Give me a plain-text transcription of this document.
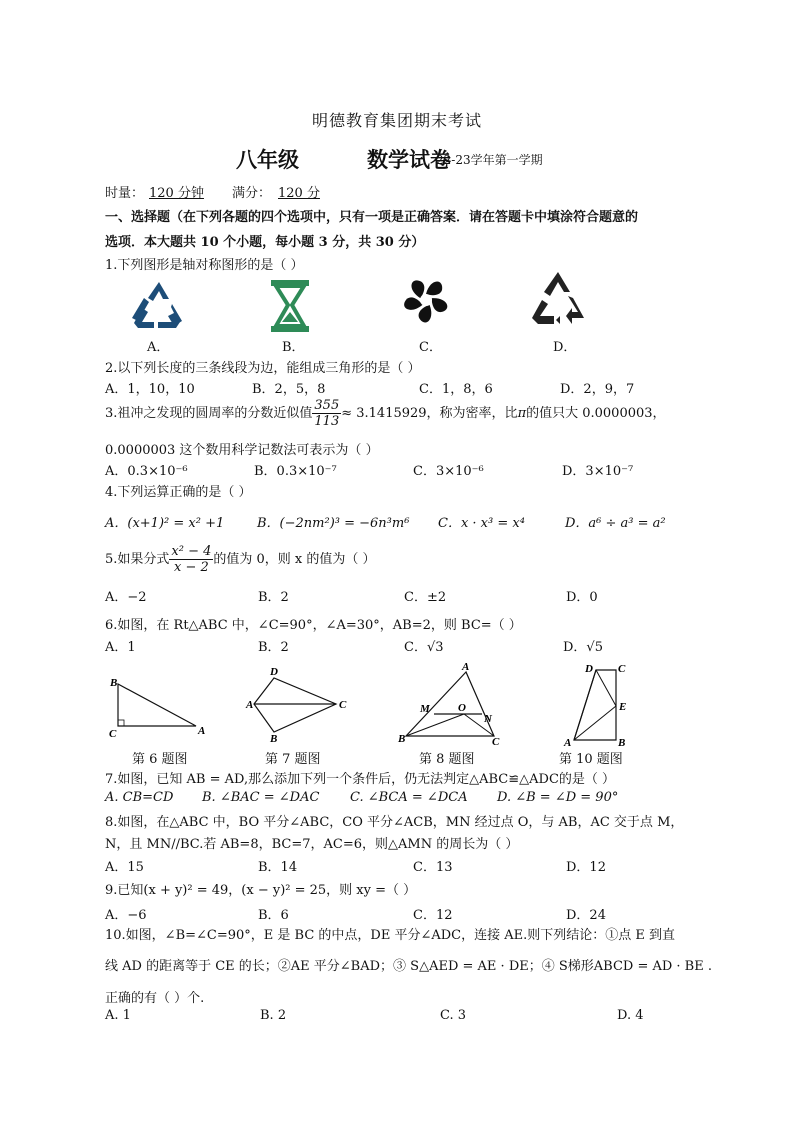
明德教育集团期末考试
八年级	数学试卷
22-23学年第一学期
时量： 120 分钟 满分： 120 分
一、选择题（在下列各题的四个选项中，只有一项是正确答案．请在答题卡中填涂符合题意的
选项．本大题共 10 个小题，每小题 3 分，共 30 分）
1.下列图形是轴对称图形的是（ ）
A．	B．	C．	D．
2.以下列长度的三条线段为边，能组成三角形的是（ ）
A．1，10，10	B．2，5，8	C．1，8，6	D．2，9，7
3.祖冲之发现的圆周率的分数近似值 $\frac{355}{113} \approx 3.1415929$，称为密率，比π的值只大 0.0000003，
0.0000003 这个数用科学记数法可表示为（ ）
A．0.3×10⁻⁶	B．0.3×10⁻⁷	C．3×10⁻⁶	D．3×10⁻⁷
4.下列运算正确的是（ ）
A．(x+1)² = x² +1	B．(−2nm²)³ = −6n³m⁶ C．x · x³ = x⁴	D．a⁶ ÷ a³ = a²
5.如果分式 $\frac{\text{x² − 4}}{x - 2}$ 的值为 0，则 x 的值为（ ）
A．−2	B．2	C．±2	D．0
6.如图，在 Rt△ABC 中，∠C=90°，∠A=30°，AB=2，则 BC=（ ）
A．1	B．2	C．√3	D．√5
B
C	A
D
A
B
C
A
M	O
N
B	C
D C
E
A	B
第 6 题图	第 7 题图	第 8 题图	第 10 题图
7.如图，已知 AB = AD,那么添加下列一个条件后，仍无法判定△ABC≌△ADC的是（ ）
A. CB=CD B. ∠BAC = ∠DAC C. ∠BCA = ∠DCA D. ∠B = ∠D = 90°
8.如图，在△ABC 中，BO 平分∠ABC，CO 平分∠ACB，MN 经过点 O，与 AB，AC 交于点 M，
N，且 MN//BC.若 AB=8，BC=7，AC=6，则△AMN 的周长为（ ）
A．15	B．14	C．13	D．12
9.已知(x + y)² = 49，(x − y)² = 25，则 xy =（ ）
A．−6	B．6	C．12	D．24
10.如图，∠B=∠C=90°，E 是 BC 的中点，DE 平分∠ADC，连接 AE.则下列结论：①点 E 到直
线 AD 的距离等于 CE 的长；②AE 平分∠BAD；③ S△AED = AE · DE；④ S梯形ABCD = AD · BE .
正确的有（ ）个.
A. 1	B. 2	C. 3	D. 4
